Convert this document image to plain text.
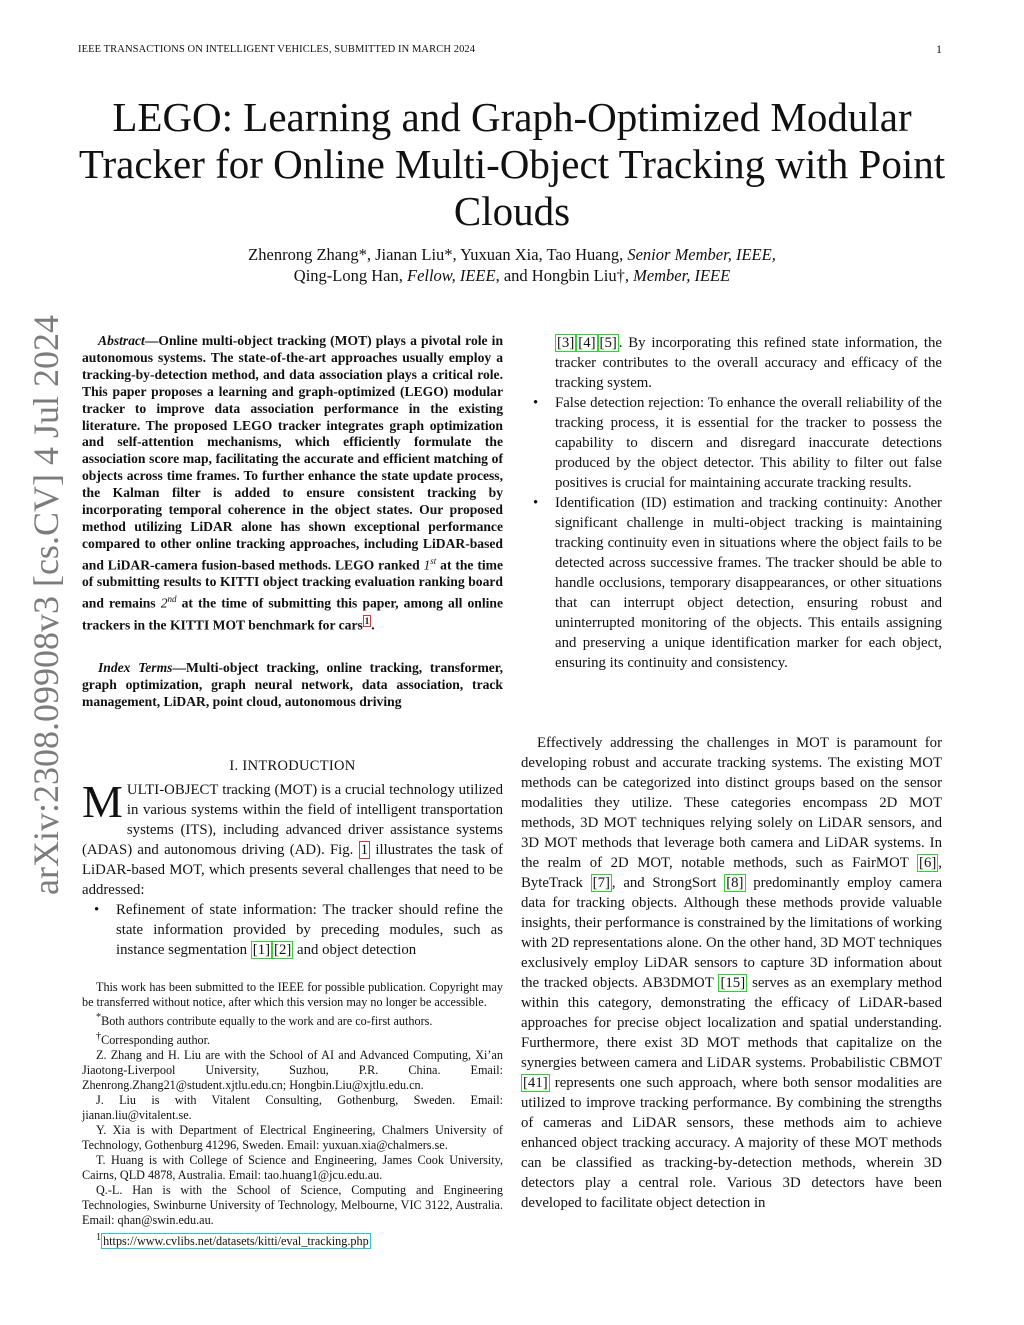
IEEE TRANSACTIONS ON INTELLIGENT VEHICLES, SUBMITTED IN MARCH 2024	1
LEGO: Learning and Graph-Optimized Modular Tracker for Online Multi-Object Tracking with Point Clouds
Zhenrong Zhang*, Jianan Liu*, Yuxuan Xia, Tao Huang, Senior Member, IEEE,
Qing-Long Han, Fellow, IEEE, and Hongbin Liu†, Member, IEEE
arXiv:2308.09908v3 [cs.CV] 4 Jul 2024	Abstract—Online multi-object tracking (MOT) plays a pivotal role in autonomous systems. The state-of-the-art approaches usually employ a tracking-by-detection method, and data association plays a critical role. This paper proposes a learning and graph-optimized (LEGO) modular tracker to improve data association performance in the existing literature. The proposed LEGO tracker integrates graph optimization and self-attention mechanisms, which efficiently formulate the association score map, facilitating the accurate and efficient matching of objects across time frames. To further enhance the state update process, the Kalman filter is added to ensure consistent tracking by incorporating temporal coherence in the object states. Our proposed method utilizing LiDAR alone has shown exceptional performance compared to other online tracking approaches, including LiDAR-based and LiDAR-camera fusion-based methods. LEGO ranked 1st at the time of submitting results to KITTI object tracking evaluation ranking board and remains 2nd at the time of submitting this paper, among all online trackers in the KITTI MOT benchmark for cars $^1$ .

Index Terms—Multi-object tracking, online tracking, transformer, graph optimization, graph neural network, data association, track management, LiDAR, point cloud, autonomous driving

I. INTRODUCTION

MULTI-OBJECT tracking (MOT) is a crucial technology utilized in various systems within the field of intelligent transportation systems (ITS), including advanced driver assistance systems (ADAS) and autonomous driving (AD). Fig. 1 illustrates the task of LiDAR-based MOT, which presents several challenges that need to be addressed:

• Refinement of state information: The tracker should refine the state information provided by preceding modules, such as instance segmentation [1] [2] and object detection

This work has been submitted to the IEEE for possible publication. Copyright may be transferred without notice, after which this version may no longer be accessible.

*Both authors contribute equally to the work and are co-first authors.

†Corresponding author.

Z. Zhang and H. Liu are with the School of AI and Advanced Computing, Xi’an Jiaotong-Liverpool University, Suzhou, P.R. China. Email: Zhenrong.Zhang21@student.xjtlu.edu.cn; Hongbin.Liu@xjtlu.edu.cn.

J. Liu is with Vitalent Consulting, Gothenburg, Sweden. Email: jianan.liu@vitalent.se.

Y. Xia is with Department of Electrical Engineering, Chalmers University of Technology, Gothenburg 41296, Sweden. Email: yuxuan.xia@chalmers.se.

T. Huang is with College of Science and Engineering, James Cook University, Cairns, QLD 4878, Australia. Email: tao.huang1@jcu.edu.au.

Q.-L. Han is with the School of Science, Computing and Engineering Technologies, Swinburne University of Technology, Melbourne, VIC 3122, Australia. Email: qhan@swin.edu.au.

$^1$ https://www.cvlibs.net/datasets/kitti/eval_tracking.php

[3] [4] [5] . By incorporating this refined state information, the tracker contributes to the overall accuracy and efficacy of the tracking system.
• False detection rejection: To enhance the overall reliability of the tracking process, it is essential for the tracker to possess the capability to discern and disregard inaccurate detections produced by the object detector. This ability to filter out false positives is crucial for maintaining accurate tracking results.
• Identification (ID) estimation and tracking continuity: Another significant challenge in multi-object tracking is maintaining tracking continuity even in situations where the object fails to be detected across successive frames. The tracker should be able to handle occlusions, temporary disappearances, or other situations that can interrupt object detection, ensuring robust and uninterrupted monitoring of the objects. This entails assigning and preserving a unique identification marker for each object, ensuring its continuity and consistency.

Effectively addressing the challenges in MOT is paramount for developing robust and accurate tracking systems. The existing MOT methods can be categorized into distinct groups based on the sensor modalities they utilize. These categories encompass 2D MOT methods, 3D MOT techniques relying solely on LiDAR sensors, and 3D MOT methods that leverage both camera and LiDAR systems. In the realm of 2D MOT, notable methods, such as FairMOT [6] , ByteTrack [7] , and StrongSort [8] predominantly employ camera data for tracking objects. Although these methods provide valuable insights, their performance is constrained by the limitations of working with 2D representations alone. On the other hand, 3D MOT techniques exclusively employ LiDAR sensors to capture 3D information about the tracked objects. AB3DMOT [15] serves as an exemplary method within this category, demonstrating the efficacy of LiDAR-based approaches for precise object localization and spatial understanding. Furthermore, there exist 3D MOT methods that capitalize on the synergies between camera and LiDAR systems. Probabilistic CBMOT [41] represents one such approach, where both sensor modalities are utilized to improve tracking performance. By combining the strengths of cameras and LiDAR sensors, these methods aim to achieve enhanced object tracking accuracy. A majority of these MOT methods can be classified as tracking-by-detection methods, wherein 3D detectors play a central role. Various 3D detectors have been developed to facilitate object detection in
